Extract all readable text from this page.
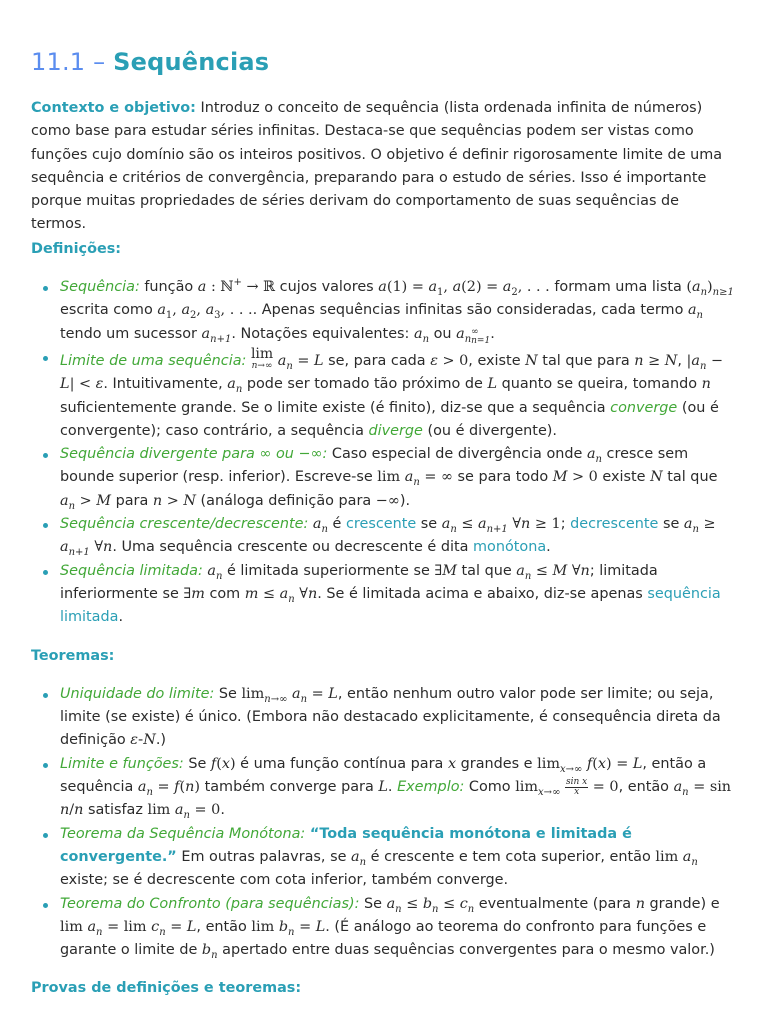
11.1 – Sequências

Contexto e objetivo: Introduz o conceito de sequência (lista ordenada infinita de números) como base para estudar séries infinitas. Destaca-se que sequências podem ser vistas como funções cujo domínio são os inteiros positivos. O objetivo é definir rigorosamente limite de uma sequência e critérios de convergência, preparando para o estudo de séries. Isso é importante porque muitas propriedades de séries derivam do comportamento de suas sequências de termos.

Definições:

Sequência: função a : ℕ+ → ℝ cujos valores $a(1) = a_1$, $a(2) = a_2$, . . . formam uma lista $(a_n)_{n\ge 1}$ escrita como $a_1$, $a_2$, $a_3$, . . .. Apenas sequências infinitas são consideradas, cada termo $a_n$ tendo um sucessor $a_{n+1}$. Notações equivalentes: $a_n$ ou $a_n$
∞
n=1 .
Limite de uma sequência: lim
n→∞ $a_n = L$ se, para cada ε > 0, existe N tal que para n ≥ N, $|a_n - L| < \varepsilon$. Intuitivamente, $a_n$ pode ser tomado tão próximo de L quanto se queira, tomando n suficientemente grande. Se o limite existe (é finito), diz-se que a sequência converge (ou é convergente); caso contrário, a sequência diverge (ou é divergente).
Sequência divergente para ∞ ou −∞: Caso especial de divergência onde $a_n$ cresce sem bounde superior (resp. inferior). Escreve-se $\lim a_n$ = ∞ se para todo M > 0 existe N tal que $a_n > M$ para n > N (análoga definição para −∞).
Sequência crescente/decrescente: $a_n$ é crescente se $a_n \le a_{n+1}$ ∀n ≥ 1; decrescente se $a_n \ge a_{n+1}$ ∀n. Uma sequência crescente ou decrescente é dita monótona.
Sequência limitada: $a_n$ é limitada superiormente se ∃M tal que $a_n \le M$ ∀n; limitada inferiormente se ∃m com $m \le a_n$ ∀n. Se é limitada acima e abaixo, diz-se apenas sequência limitada.

Teoremas:

Uniquidade do limite: Se $\lim_{n\to\infty} a_n = L$, então nenhum outro valor pode ser limite; ou seja, limite (se existe) é único. (Embora não destacado explicitamente, é consequência direta da definição ε-N.)
Limite e funções: Se f(x) é uma função contínua para x grandes e $\lim_{x\to\infty} f(x) = L$, então a sequência $a_n = f(n)$ também converge para L. Exemplo: Como $\lim_{x\to\infty} \frac{\text{sin x}}{x} = 0$, então $a_n = \sin n/n$ satisfaz $\lim a_n = 0$.
Teorema da Sequência Monótona: “Toda sequência monótona e limitada é convergente.” Em outras palavras, se $a_n$ é crescente e tem cota superior, então $\lim a_n$ existe; se é decrescente com cota inferior, também converge.
Teorema do Confronto (para sequências): Se $a_n \le b_n \le c_n$ eventualmente (para n grande) e $\lim a_n = \lim c_n = L$, então $\lim b_n = L$. (É análogo ao teorema do confronto para funções e garante o limite de $b_n$ apertado entre duas sequências convergentes para o mesmo valor.)

Provas de definições e teoremas:
